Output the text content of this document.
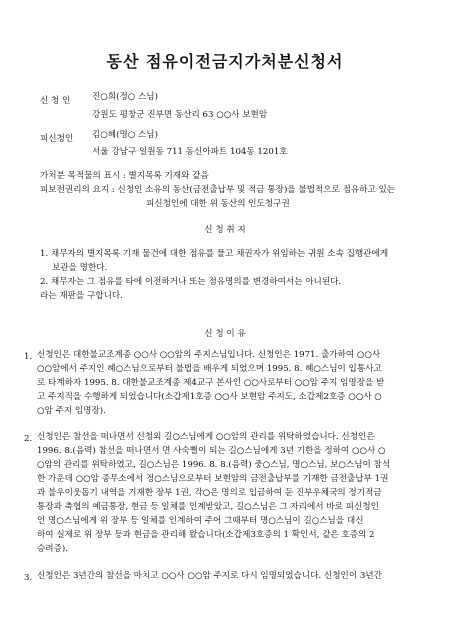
동산 점유이전금지가처분신청서
신 청 인	진○희(정○ 스님)
강원도 평창군 진부면 동산리 63 ○○사 보현암
피신청인 김○혜(명○ 스님)
서울 강남구 일원동 711 동신아파트 104동 1201호
가처분 목적물의 표시 : 별지목록 기재와 같음
피보전권리의 요지 : 신청인 소유의 동산(금전출납부 및 적금 통장)을 불법적으로 점유하고 있는
피신청인에 대한 위 동산의 인도청구권
신 청 취 지
1. 채무자의 별지목록 기재 물건에 대한 점유를 풀고 채권자가 위임하는 귀원 소속 집행관에게
보관을 명한다.
2. 채무자는 그 점유를 타에 이전하거나 또는 점유명의를 변경하여서는 아니된다.
라는 재판을 구합니다.
신 청 이 유
1. 신청인은 대한불교조계종 ○○사 ○○암의 주지스님입니다. 신청인은 1971. 출가하여 ○○사
○○암에서 주지인 혜○스님으로부터 불법을 배우게 되었으며 1995. 8. 혜○스님이 입통사고
로 타계하자 1995. 8. 대한불교조계종 제4교구 본사인 ○○사로부터 ○○암 주지 임명장을 받
고 주지직을 수행하게 되었습니다(소갑제1호증 ○○사 보현암 주지도, 소갑제2호증 ○○사 ○
○암 주지 임명장).
2. 신청인은 참선을 떠나면서 신청외 길○스님에게 ○○암의 관리를 위탁하였습니다. 신청인은
1996. 8.(음력) 참선을 떠나면서 면 사숙뻘이 되는 길○스님에게 3년 기한을 정하여 ○○사 ○
○암의 관리를 위탁하였고, 길○스님은 1996. 8. 8.(음력) 중○스님, 명○스님, 보○스님이 참석
한 가운데 ○○암 종무소에서 정○스님으로부터 보현암의 금전출납부를 기재한 금전출납부 1권
과 불우이웃돕기 내역을 기재한 장부 1권, 각○은 명의로 입금하여 둔 진부우체국의 정기적금
통장과 축협의 예금통장, 현금 등 일체를 인계받았고, 길○스님은 그 자리에서 바로 피신청인
인 명○스님에게 위 장부 등 일체를 인계하여 주어 그때부터 명○스님이 길○스님을 대신
하여 실제로 위 장부 등과 현금을 관리해 왔습니다(소갑제3호증의 1 확인서, 같은 호증의 2
승려증).
3. 신청인은 3년간의 참선을 마치고 ○○사 ○○암 주지로 다시 임명되었습니다. 신청인이 3년간
